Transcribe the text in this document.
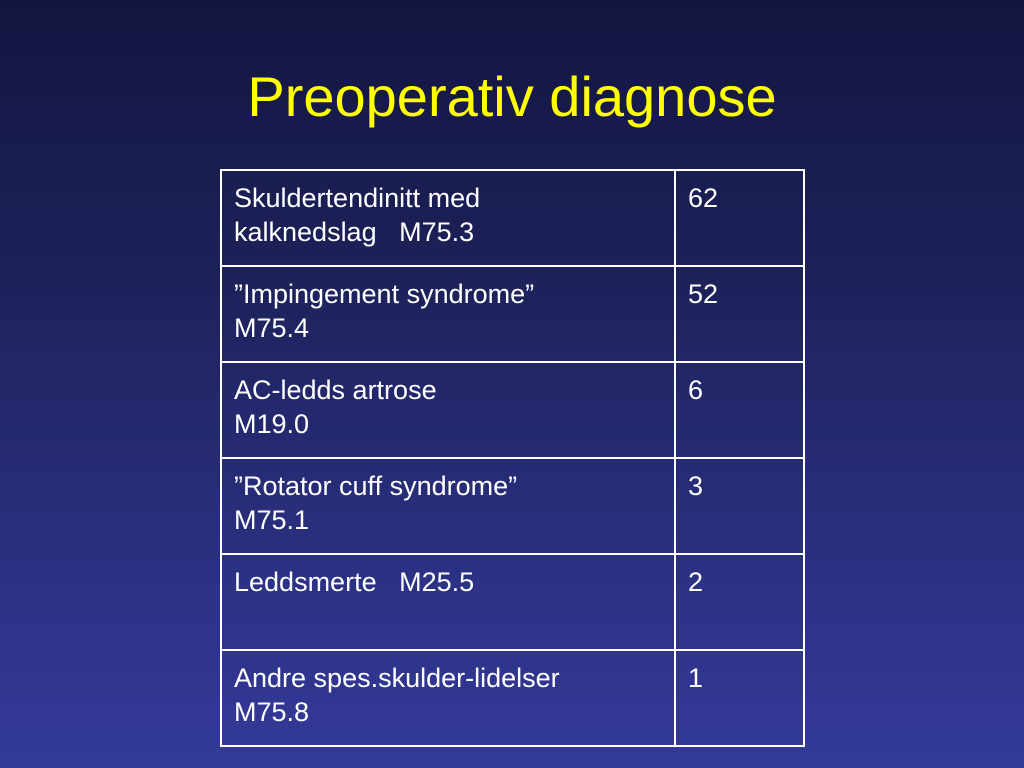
Preoperativ diagnose
Skuldertendinitt med
kalknedslag   M75.3	62

”Impingement syndrome”
M75.4	52

AC-ledds artrose
M19.0	6

”Rotator cuff syndrome”
M75.1	3

Leddsmerte   M25.5	2

Andre spes.skulder-lidelser
M75.8	1
